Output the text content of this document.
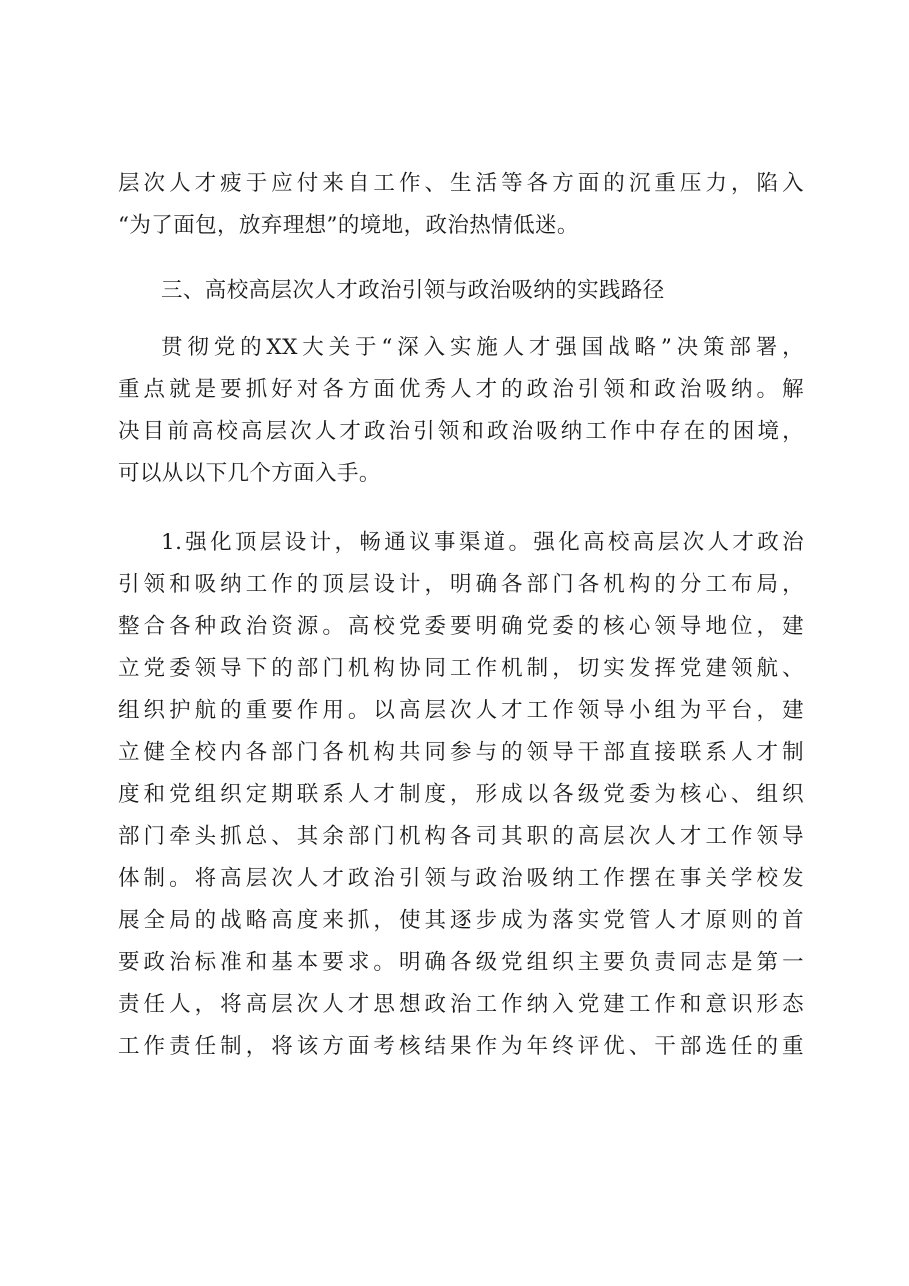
层次人才疲于应付来自工作、生活等各方面的沉重压力，陷入
“为了面包，放弃理想”的境地，政治热情低迷。
三、高校高层次人才政治引领与政治吸纳的实践路径
贯彻党的XX大关于“深入实施人才强国战略”决策部署，
重点就是要抓好对各方面优秀人才的政治引领和政治吸纳。解
决目前高校高层次人才政治引领和政治吸纳工作中存在的困境，
可以从以下几个方面入手。
1.强化顶层设计，畅通议事渠道。强化高校高层次人才政治
引领和吸纳工作的顶层设计，明确各部门各机构的分工布局，
整合各种政治资源。高校党委要明确党委的核心领导地位，建
立党委领导下的部门机构协同工作机制，切实发挥党建领航、
组织护航的重要作用。以高层次人才工作领导小组为平台，建
立健全校内各部门各机构共同参与的领导干部直接联系人才制
度和党组织定期联系人才制度，形成以各级党委为核心、组织
部门牵头抓总、其余部门机构各司其职的高层次人才工作领导
体制。将高层次人才政治引领与政治吸纳工作摆在事关学校发
展全局的战略高度来抓，使其逐步成为落实党管人才原则的首
要政治标准和基本要求。明确各级党组织主要负责同志是第一
责任人，将高层次人才思想政治工作纳入党建工作和意识形态
工作责任制，将该方面考核结果作为年终评优、干部选任的重
